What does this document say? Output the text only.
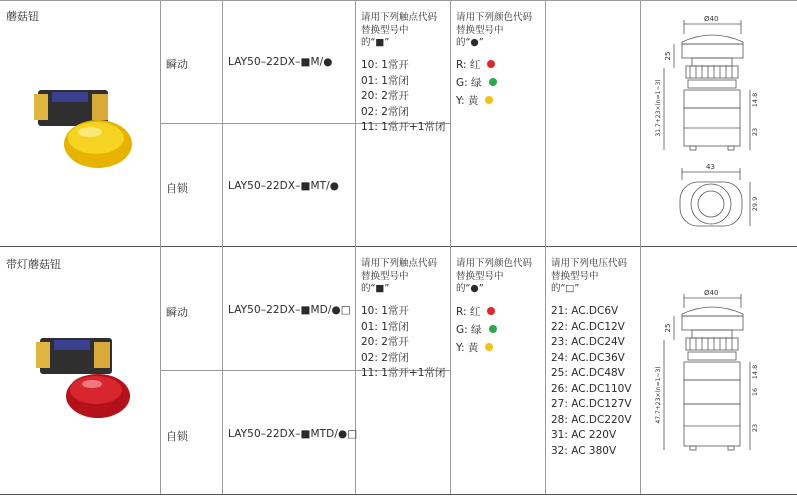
蘑菇钮
瞬动
自锁
LAY50–22DX–■M/●
LAY50–22DX–■MT/●
请用下列触点代码
替换型号中
的“■”
10: 1常开
01: 1常闭
20: 2常开
02: 2常闭
11: 1常开+1常闭
请用下列颜色代码
替换型号中
的“●”
R: 红
G: 绿
Y: 黄
Ø40
25
31.7+23×(n=1~3)	14.8
23
43
29.9
带灯蘑菇钮
瞬动
自锁
LAY50–22DX–■MD/●□
LAY50–22DX–■MTD/●□
请用下列触点代码
替换型号中
的“■”
10: 1常开
01: 1常闭
20: 2常开
02: 2常闭
11: 1常开+1常闭
请用下列颜色代码
替换型号中
的“●”
R: 红
G: 绿
Y: 黄
请用下列电压代码
替换型号中
的“□”
21: AC.DC6V
22: AC.DC12V
23: AC.DC24V
24: AC.DC36V
25: AC.DC48V
26: AC.DC110V
27: AC.DC127V
28: AC.DC220V
31: AC 220V
32: AC 380V
Ø40
25
47.7+23×(n=1~3)	14.8
16
23
